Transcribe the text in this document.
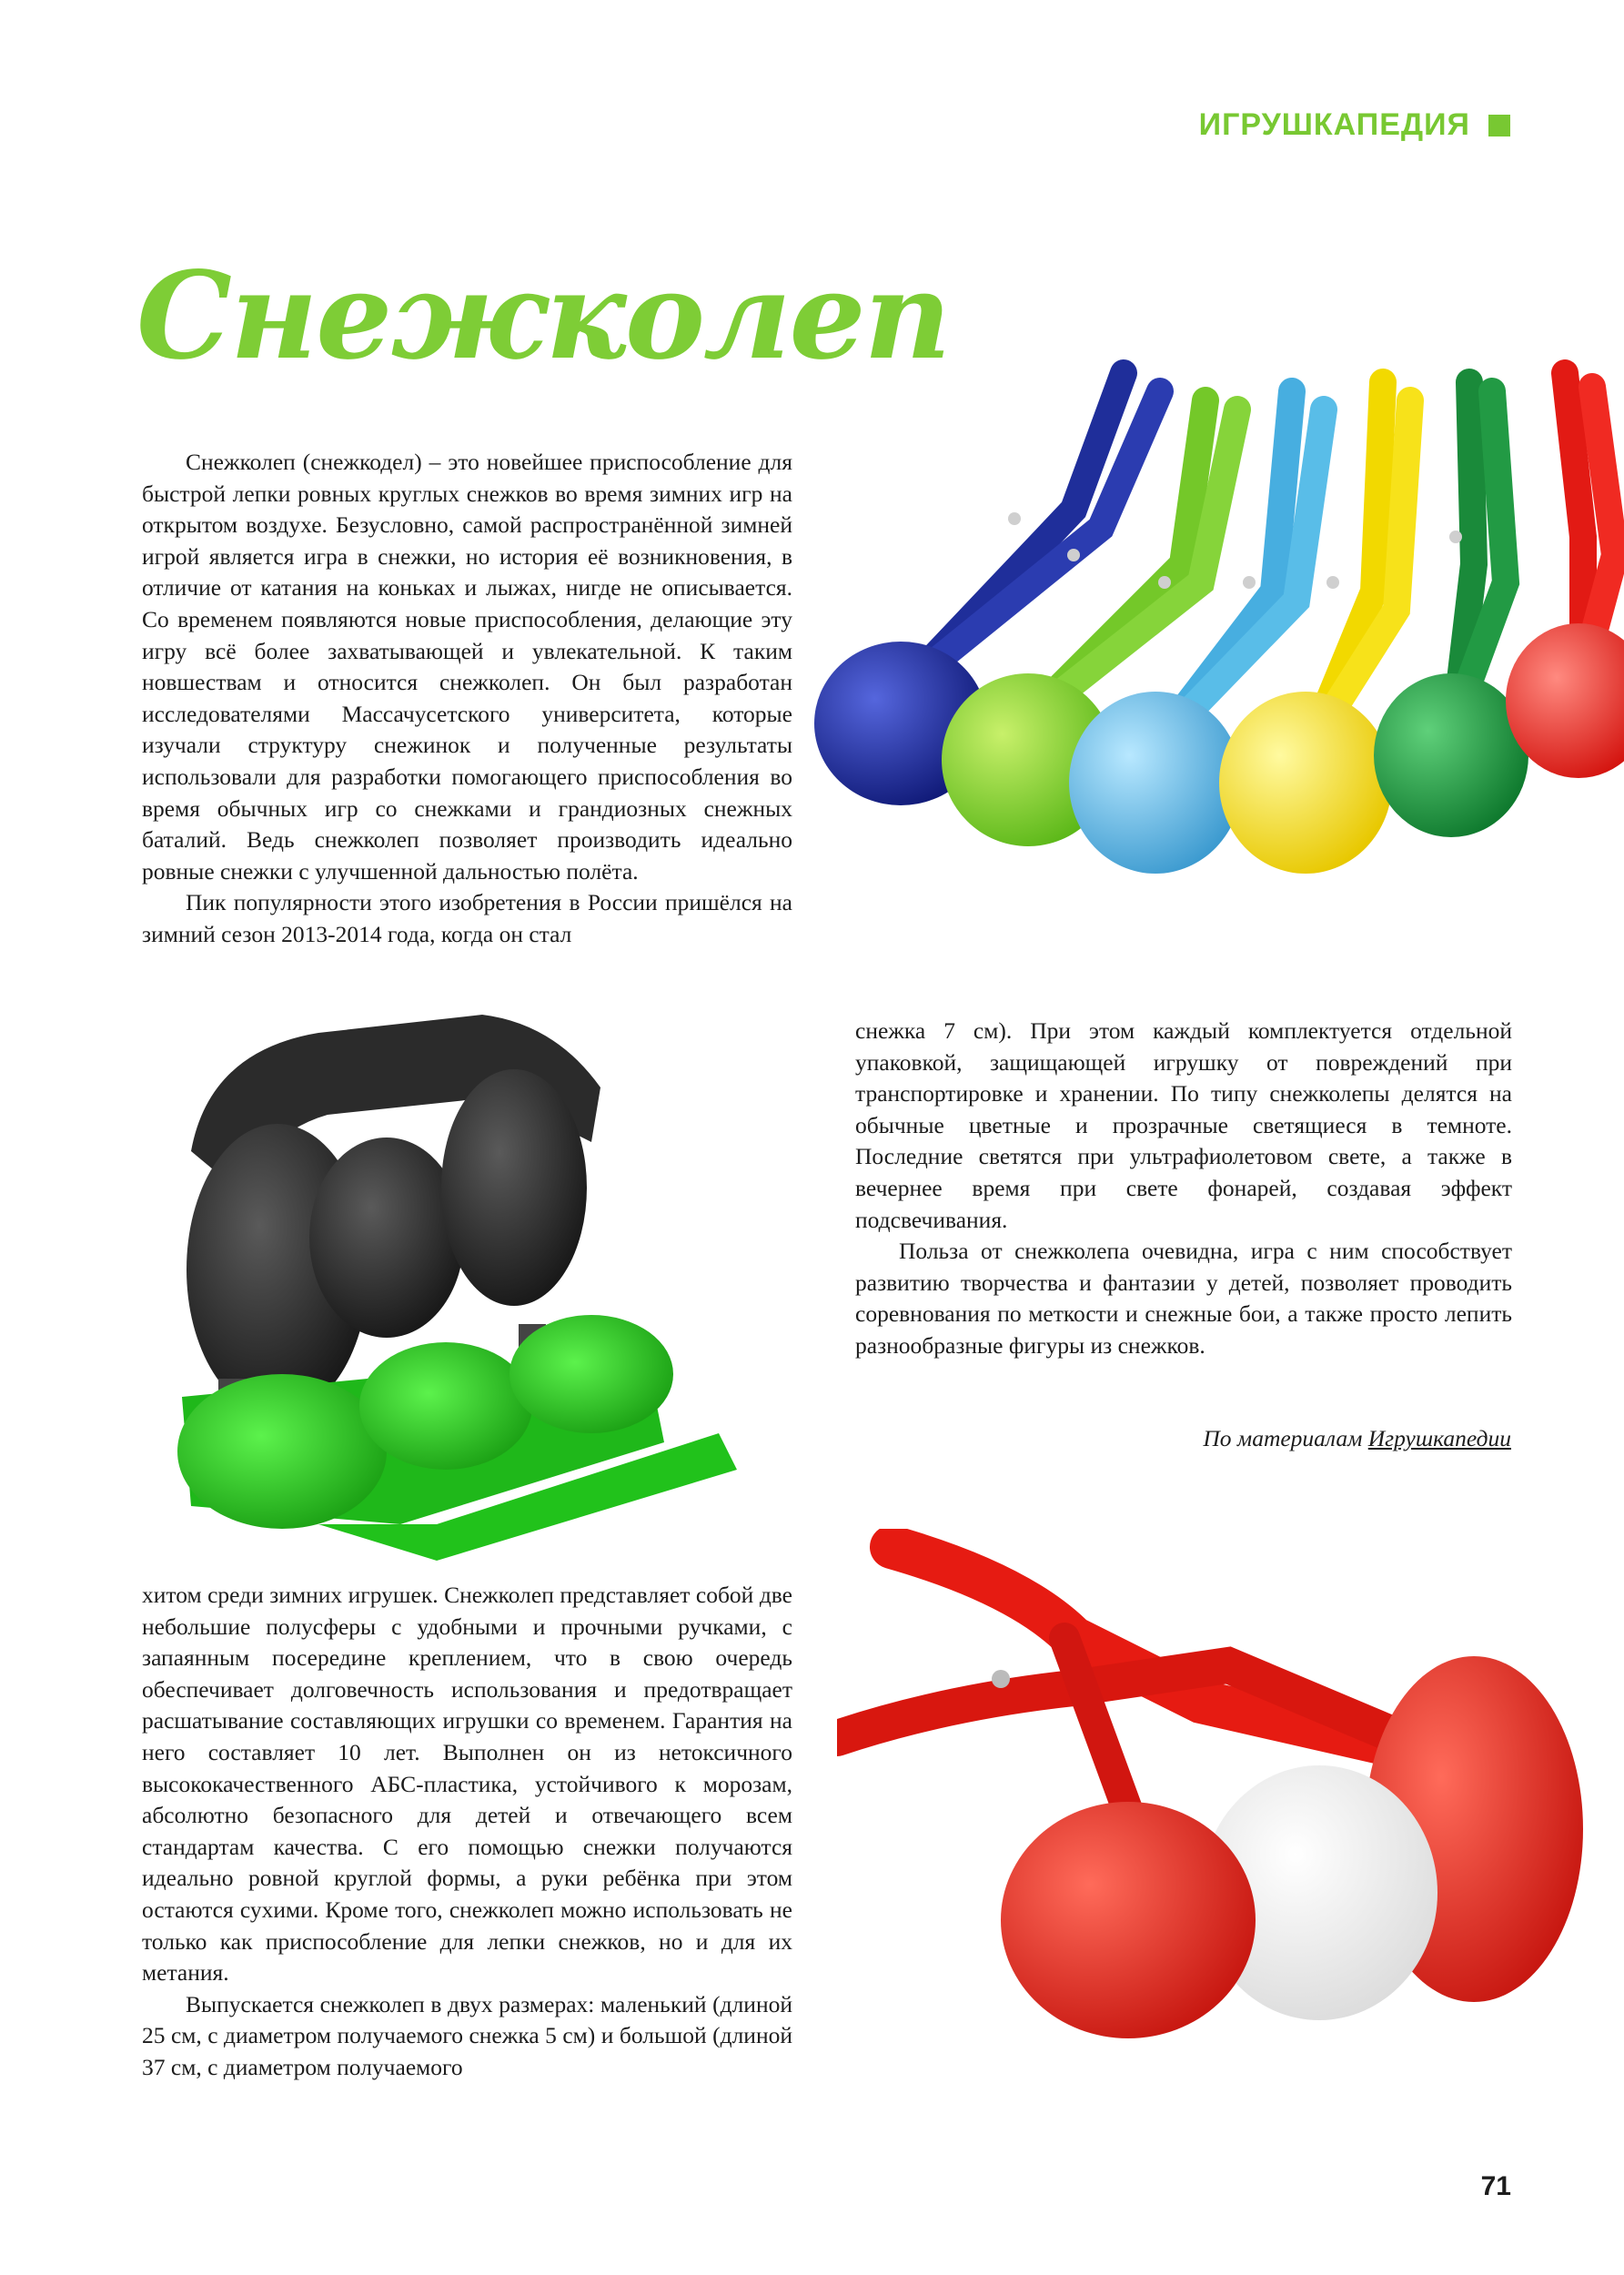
ИГРУШКАПЕДИЯ
Снежколеп

Снежколеп (снежкодел) – это новейшее приспособление для быстрой лепки ровных круглых снежков во время зимних игр на открытом воздухе. Безусловно, самой распространённой зимней игрой является игра в снежки, но история её возникновения, в отличие от катания на коньках и лыжах, нигде не описывается. Со временем появляются новые приспособления, делающие эту игру всё более захватывающей и увлекательной. К таким новшествам и относится снежколеп. Он был разработан исследователями Массачусетского университета, которые изучали структуру снежинок и полученные результаты использовали для разработки помогающего приспособления во время обычных игр со снежками и грандиозных снежных баталий. Ведь снежколеп позволяет производить идеально ровные снежки с улучшенной дальностью полёта.

Пик популярности этого изобретения в России пришёлся на зимний сезон 2013-2014 года, когда он стал

снежка 7 см). При этом каждый комплектуется отдельной упаковкой, защищающей игрушку от повреждений при транспортировке и хранении. По типу снежколепы делятся на обычные цветные и прозрачные светящиеся в темноте. Последние светятся при ультрафиолетовом свете, а также в вечернее время при свете фонарей, создавая эффект подсвечивания.

Польза от снежколепа очевидна, игра с ним способствует развитию творчества и фантазии у детей, позволяет проводить соревнования по меткости и снежные бои, а также просто лепить разнообразные фигуры из снежков.

По материалам Игрушкапедии

хитом среди зимних игрушек. Снежколеп представляет собой две небольшие полусферы с удобными и прочными ручками, с запаянным посередине креплением, что в свою очередь обеспечивает долговечность использования и предотвращает расшатывание составляющих игрушки со временем. Гарантия на него составляет 10 лет. Выполнен он из нетоксичного высококачественного АБС-пластика, устойчивого к морозам, абсолютно безопасного для детей и отвечающего всем стандартам качества. С его помощью снежки получаются идеально ровной круглой формы, а руки ребёнка при этом остаются сухими. Кроме того, снежколеп можно использовать не только как приспособление для лепки снежков, но и для их метания.

Выпускается снежколеп в двух размерах: маленький (длиной 25 см, с диаметром получаемого снежка 5 см) и большой (длиной 37 см, с диаметром получаемого

71
